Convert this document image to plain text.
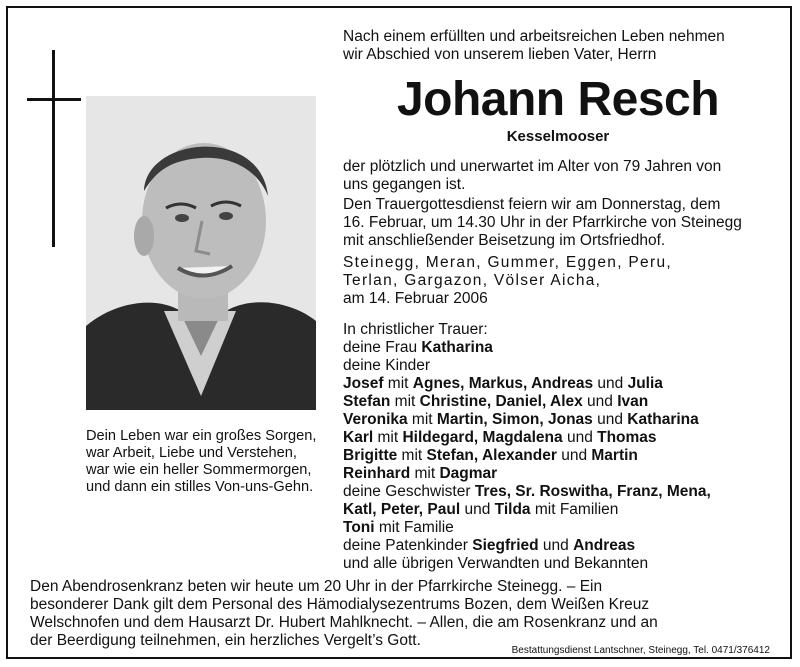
Dein Leben war ein großes Sorgen,
war Arbeit, Liebe und Verstehen,
war wie ein heller Sommermorgen,
und dann ein stilles Von-uns-Gehn.
Nach einem erfüllten und arbeitsreichen Leben nehmen
wir Abschied von unserem lieben Vater, Herrn
Johann Resch
Kesselmooser
der plötzlich und unerwartet im Alter von 79 Jahren von
uns gegangen ist.
Den Trauergottesdienst feiern wir am Donnerstag, dem
16. Februar, um 14.30 Uhr in der Pfarrkirche von Steinegg
mit anschließender Beisetzung im Ortsfriedhof.
Steinegg, Meran, Gummer, Eggen, Peru,
Terlan, Gargazon, Völser Aicha,
am 14. Februar 2006
In christlicher Trauer:
deine Frau Katharina
deine Kinder
Josef mit Agnes, Markus, Andreas und Julia
Stefan mit Christine, Daniel, Alex und Ivan
Veronika mit Martin, Simon, Jonas und Katharina
Karl mit Hildegard, Magdalena und Thomas
Brigitte mit Stefan, Alexander und Martin
Reinhard mit Dagmar
deine Geschwister Tres, Sr. Roswitha, Franz, Mena,
Katl, Peter, Paul und Tilda mit Familien
Toni mit Familie
deine Patenkinder Siegfried und Andreas
und alle übrigen Verwandten und Bekannten
Den Abendrosenkranz beten wir heute um 20 Uhr in der Pfarrkirche Steinegg. – Ein
besonderer Dank gilt dem Personal des Hämodialysezentrums Bozen, dem Weißen Kreuz
Welschnofen und dem Hausarzt Dr. Hubert Mahlknecht. – Allen, die am Rosenkranz und an
der Beerdigung teilnehmen, ein herzliches Vergelt’s Gott.
Bestattungsdienst Lantschner, Steinegg, Tel. 0471/376412
